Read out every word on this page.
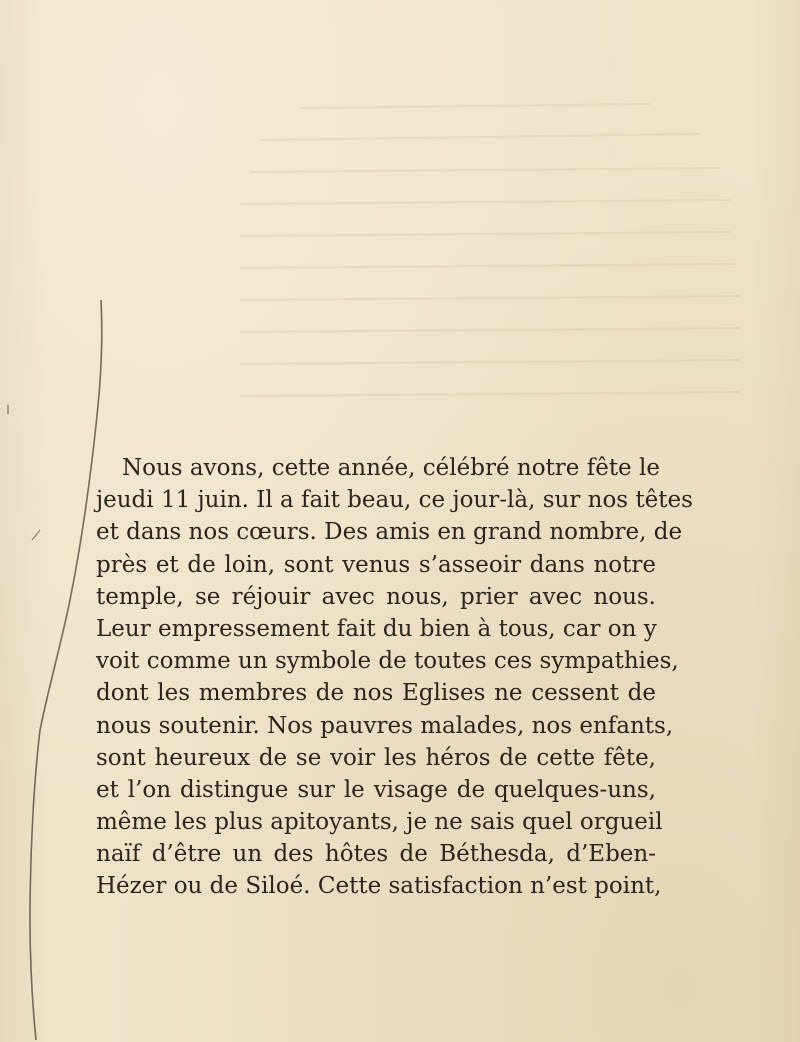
Nous avons, cette année, célébré notre fête le
jeudi 11 juin. Il a fait beau, ce jour-là, sur nos têtes
et dans nos cœurs. Des amis en grand nombre, de
près et de loin, sont venus s’asseoir dans notre
temple, se réjouir avec nous, prier avec nous.
Leur empressement fait du bien à tous, car on y
voit comme un symbole de toutes ces sympathies,
dont les membres de nos Eglises ne cessent de
nous soutenir. Nos pauvres malades, nos enfants,
sont heureux de se voir les héros de cette fête,
et l’on distingue sur le visage de quelques-uns,
même les plus apitoyants, je ne sais quel orgueil
naïf d’être un des hôtes de Béthesda, d’Eben-
Hézer ou de Siloé. Cette satisfaction n’est point,
